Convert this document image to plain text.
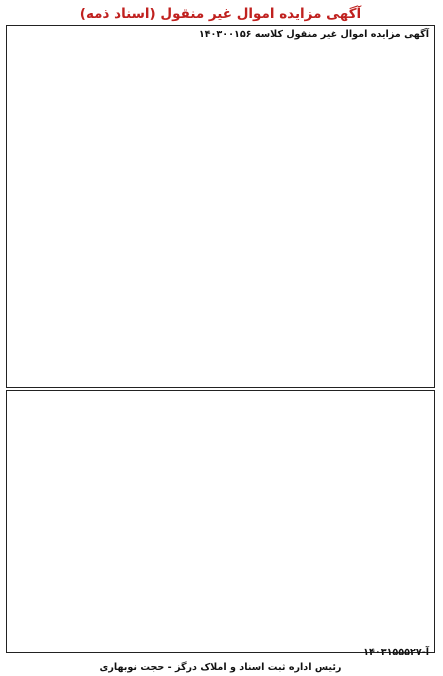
آگهی مزایده اموال غیر منقول (اسناد ذمه)
آگهی مزایده اموال غیر منقول کلاسه ۱۴۰۳۰۰۱۵۶
۱۴۰۳۱۵۵۵۲۷-آ
رئیس اداره ثبت اسناد و املاک درگز - حجت نوبهاری
